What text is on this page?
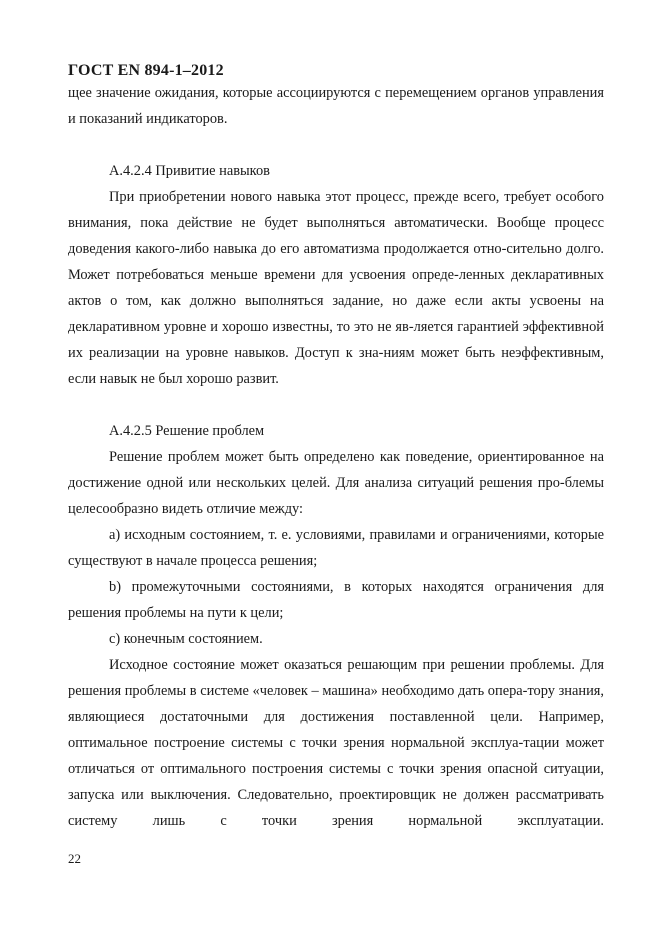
ГОСТ EN 894-1–2012

щее значение ожидания, которые ассоциируются с перемещением органов управления и показаний индикаторов.

А.4.2.4 Привитие навыков

При приобретении нового навыка этот процесс, прежде всего, требует особого внимания, пока действие не будет выполняться автоматически. Вообще процесс доведения какого-либо навыка до его автоматизма продолжается отно-сительно долго. Может потребоваться меньше времени для усвоения опреде-ленных декларативных актов о том, как должно выполняться задание, но даже если акты усвоены на декларативном уровне и хорошо известны, то это не яв-ляется гарантией эффективной их реализации на уровне навыков. Доступ к зна-ниям может быть неэффективным, если навык не был хорошо развит.

А.4.2.5 Решение проблем

Решение проблем может быть определено как поведение, ориентированное на достижение одной или нескольких целей. Для анализа ситуаций решения про-блемы целесообразно видеть отличие между:

а) исходным состоянием, т. е. условиями, правилами и ограничениями, которые существуют в начале процесса решения;

b) промежуточными состояниями, в которых находятся ограничения для решения проблемы на пути к цели;

с) конечным состоянием.

Исходное состояние может оказаться решающим при решении проблемы. Для решения проблемы в системе «человек – машина» необходимо дать опера-тору знания, являющиеся достаточными для достижения поставленной цели. Например, оптимальное построение системы с точки зрения нормальной эксплуа-тации может отличаться от оптимального построения системы с точки зрения опасной ситуации, запуска или выключения. Следовательно, проектировщик не должен рассматривать систему лишь с точки зрения нормальной эксплуатации.

22
